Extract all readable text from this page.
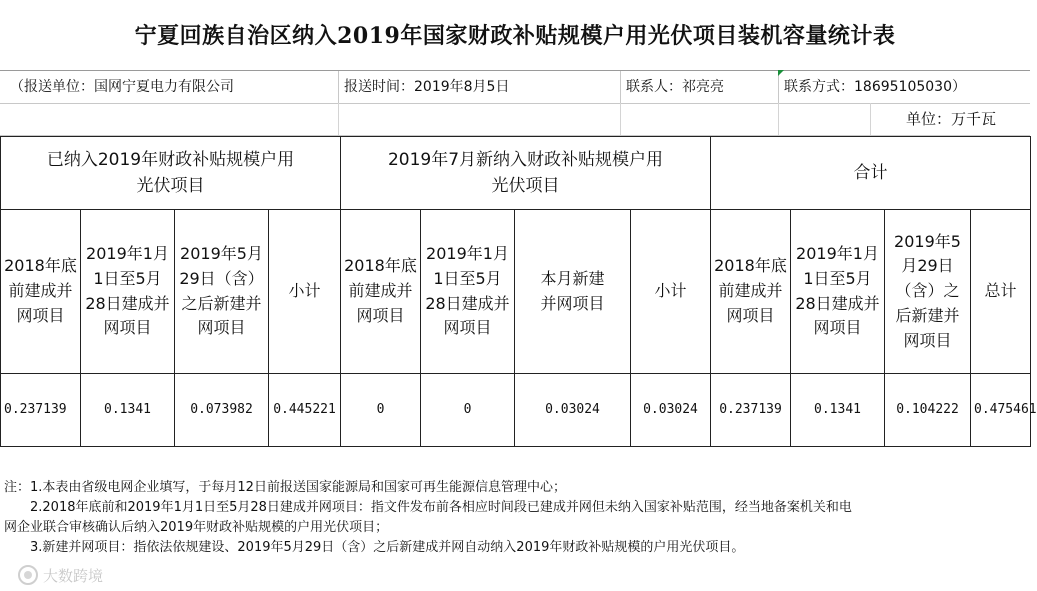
宁夏回族自治区纳入2019年国家财政补贴规模户用光伏项目装机容量统计表
（报送单位：国网宁夏电力有限公司	报送时间：2019年8月5日	联系人：祁亮亮	联系方式：18695105030）
单位：万千瓦
已纳入2019年财政补贴规模户用光伏项目				2019年7月新纳入财政补贴规模户用光伏项目				合计			
2018年底前建成并网项目	2019年1月1日至5月28日建成并网项目	2019年5月29日（含）之后新建并网项目	小计	2018年底前建成并网项目	2019年1月1日至5月28日建成并网项目	本月新建并网项目	小计	2018年底前建成并网项目	2019年1月1日至5月28日建成并网项目	2019年5月29日（含）之后新建并网项目	总计
0.237139	0.1341	0.073982	0.445221	0	0	0.03024	0.03024	0.237139	0.1341	0.104222	0.475461

注：1.本表由省级电网企业填写，于每月12日前报送国家能源局和国家可再生能源信息管理中心；

2.2018年底前和2019年1月1日至5月28日建成并网项目：指文件发布前各相应时间段已建成并网但未纳入国家补贴范围，经当地备案机关和电

网企业联合审核确认后纳入2019年财政补贴规模的户用光伏项目；

3.新建并网项目：指依法依规建设、2019年5月29日（含）之后新建成并网自动纳入2019年财政补贴规模的户用光伏项目。

大数跨境
